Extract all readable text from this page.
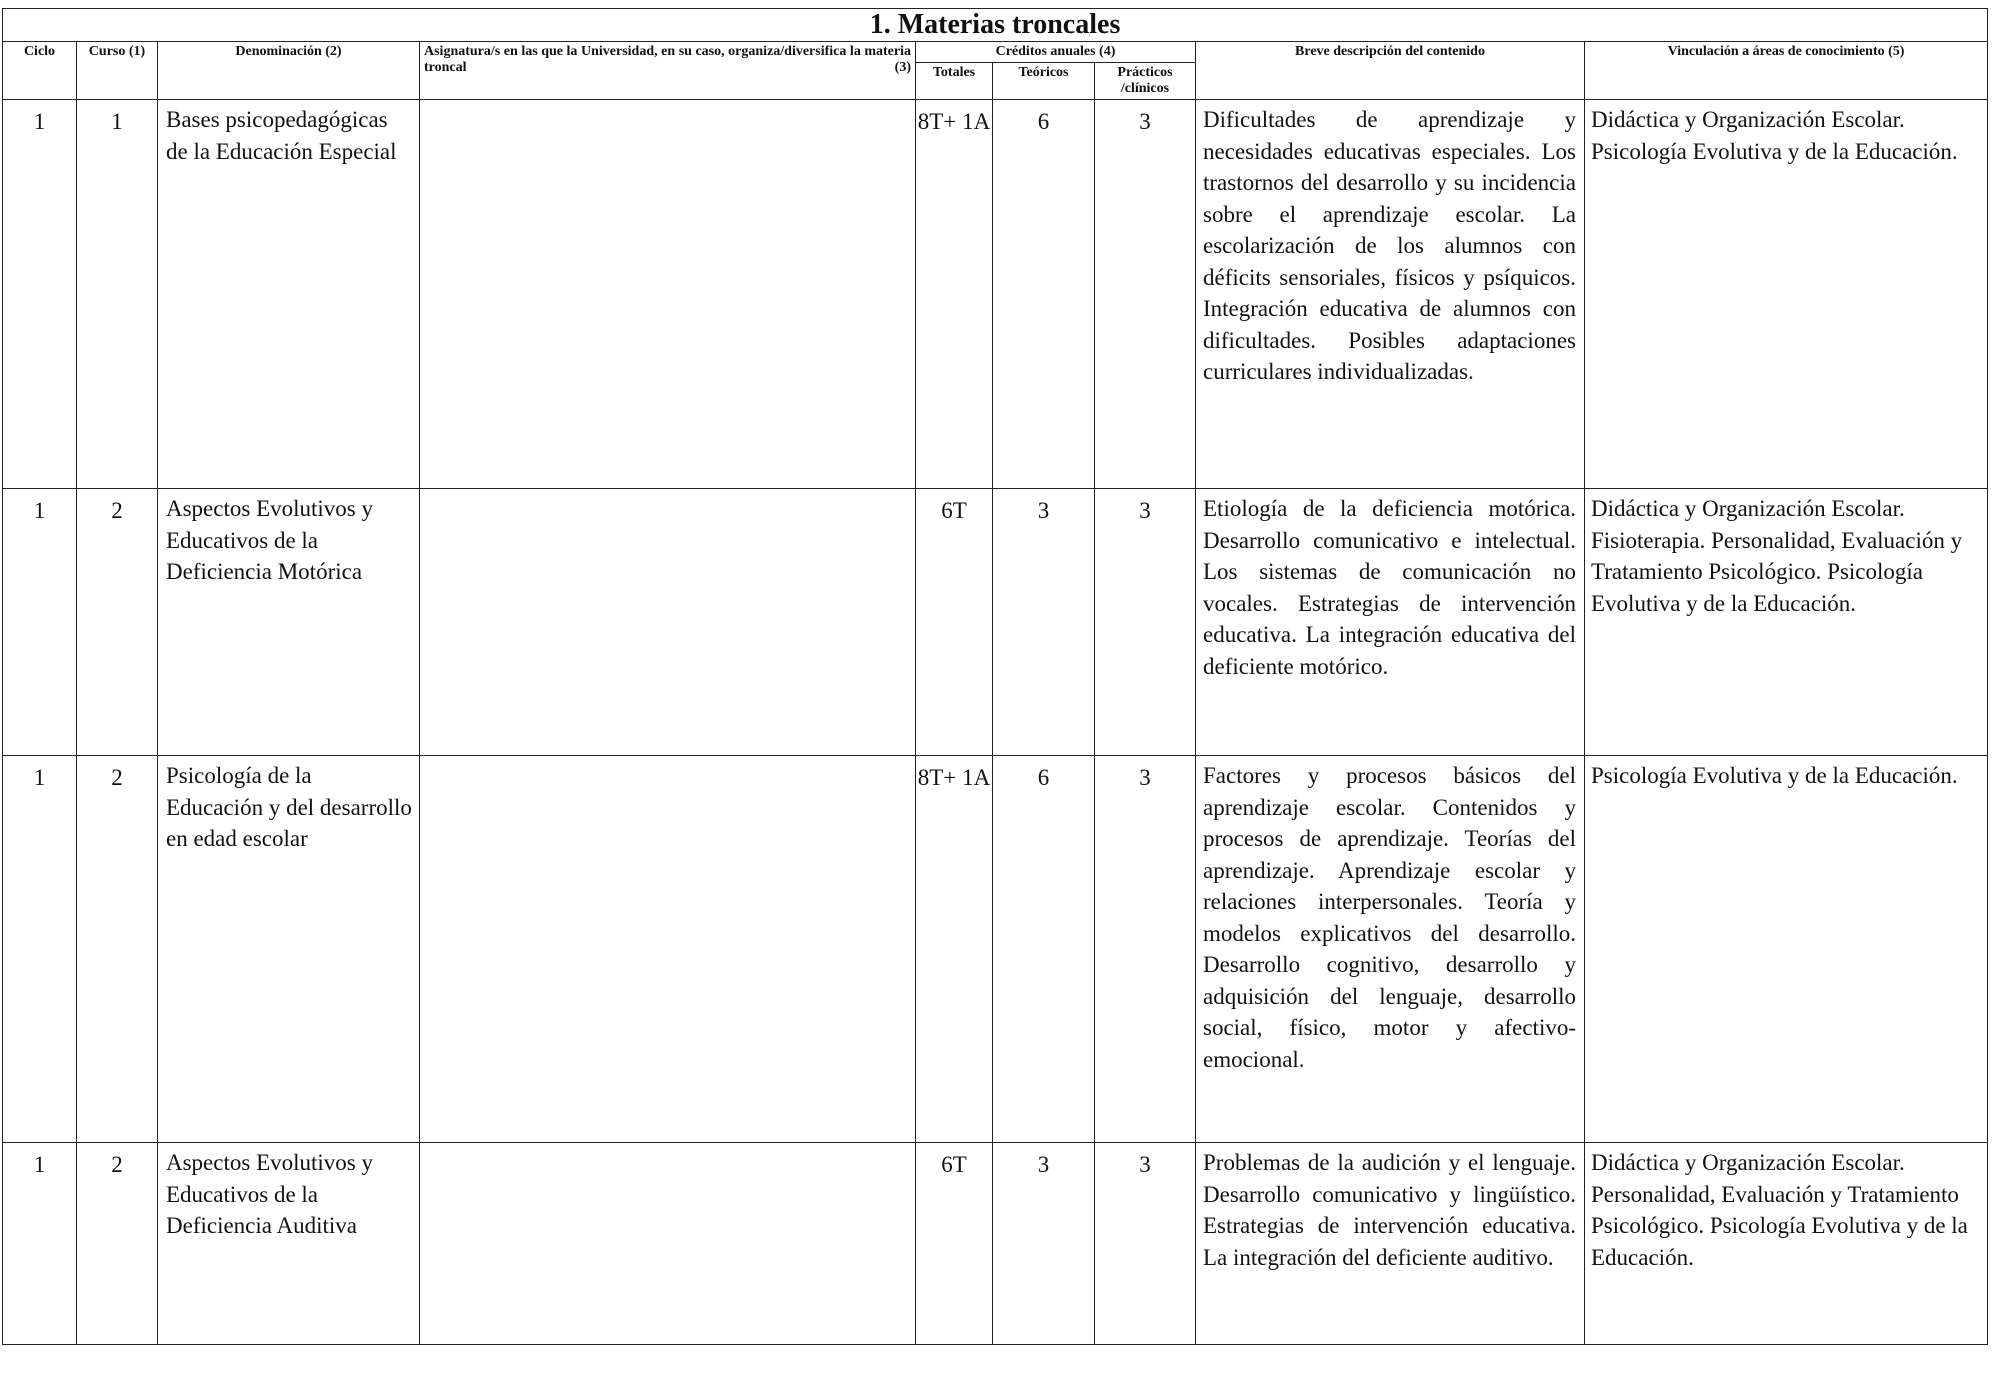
1. Materias troncales								
Ciclo	Curso (1)	Denominación (2)	Asignatura/s en las que la Universidad, en su caso, organiza/diversifica la materia troncal (3)	Créditos anuales (4)			Breve descripción del contenido	Vinculación a áreas de conocimiento (5)
				Totales	Teóricos	Prácticos /clínicos		
1	1	Bases psicopedagógicas de la Educación Especial		8T+ 1A	6	3	Dificultades de aprendizaje y necesidades educativas especiales. Los trastornos del desarrollo y su incidencia sobre el aprendizaje escolar. La escolarización de los alumnos con déficits sensoriales, físicos y psíquicos. Integración educativa de alumnos con dificultades. Posibles adaptaciones curriculares individualizadas.	Didáctica y Organización Escolar. Psicología Evolutiva y de la Educación.
1	2	Aspectos Evolutivos y Educativos de la Deficiencia Motórica		6T	3	3	Etiología de la deficiencia motórica. Desarrollo comunicativo e intelectual. Los sistemas de comunicación no vocales. Estrategias de intervención educativa. La integración educativa del deficiente motórico.	Didáctica y Organización Escolar. Fisioterapia. Personalidad, Evaluación y Tratamiento Psicológico. Psicología Evolutiva y de la Educación.
1	2	Psicología de la Educación y del desarrollo en edad escolar		8T+ 1A	6	3	Factores y procesos básicos del aprendizaje escolar. Contenidos y procesos de aprendizaje. Teorías del aprendizaje. Aprendizaje escolar y relaciones interpersonales. Teoría y modelos explicativos del desarrollo. Desarrollo cognitivo, desarrollo y adquisición del lenguaje, desarrollo social, físico, motor y afectivo-emocional.	Psicología Evolutiva y de la Educación.
1	2	Aspectos Evolutivos y Educativos de la Deficiencia Auditiva		6T	3	3	Problemas de la audición y el lenguaje. Desarrollo comunicativo y lingüístico. Estrategias de intervención educativa. La integración del deficiente auditivo.	Didáctica y Organización Escolar. Personalidad, Evaluación y Tratamiento Psicológico. Psicología Evolutiva y de la Educación.
